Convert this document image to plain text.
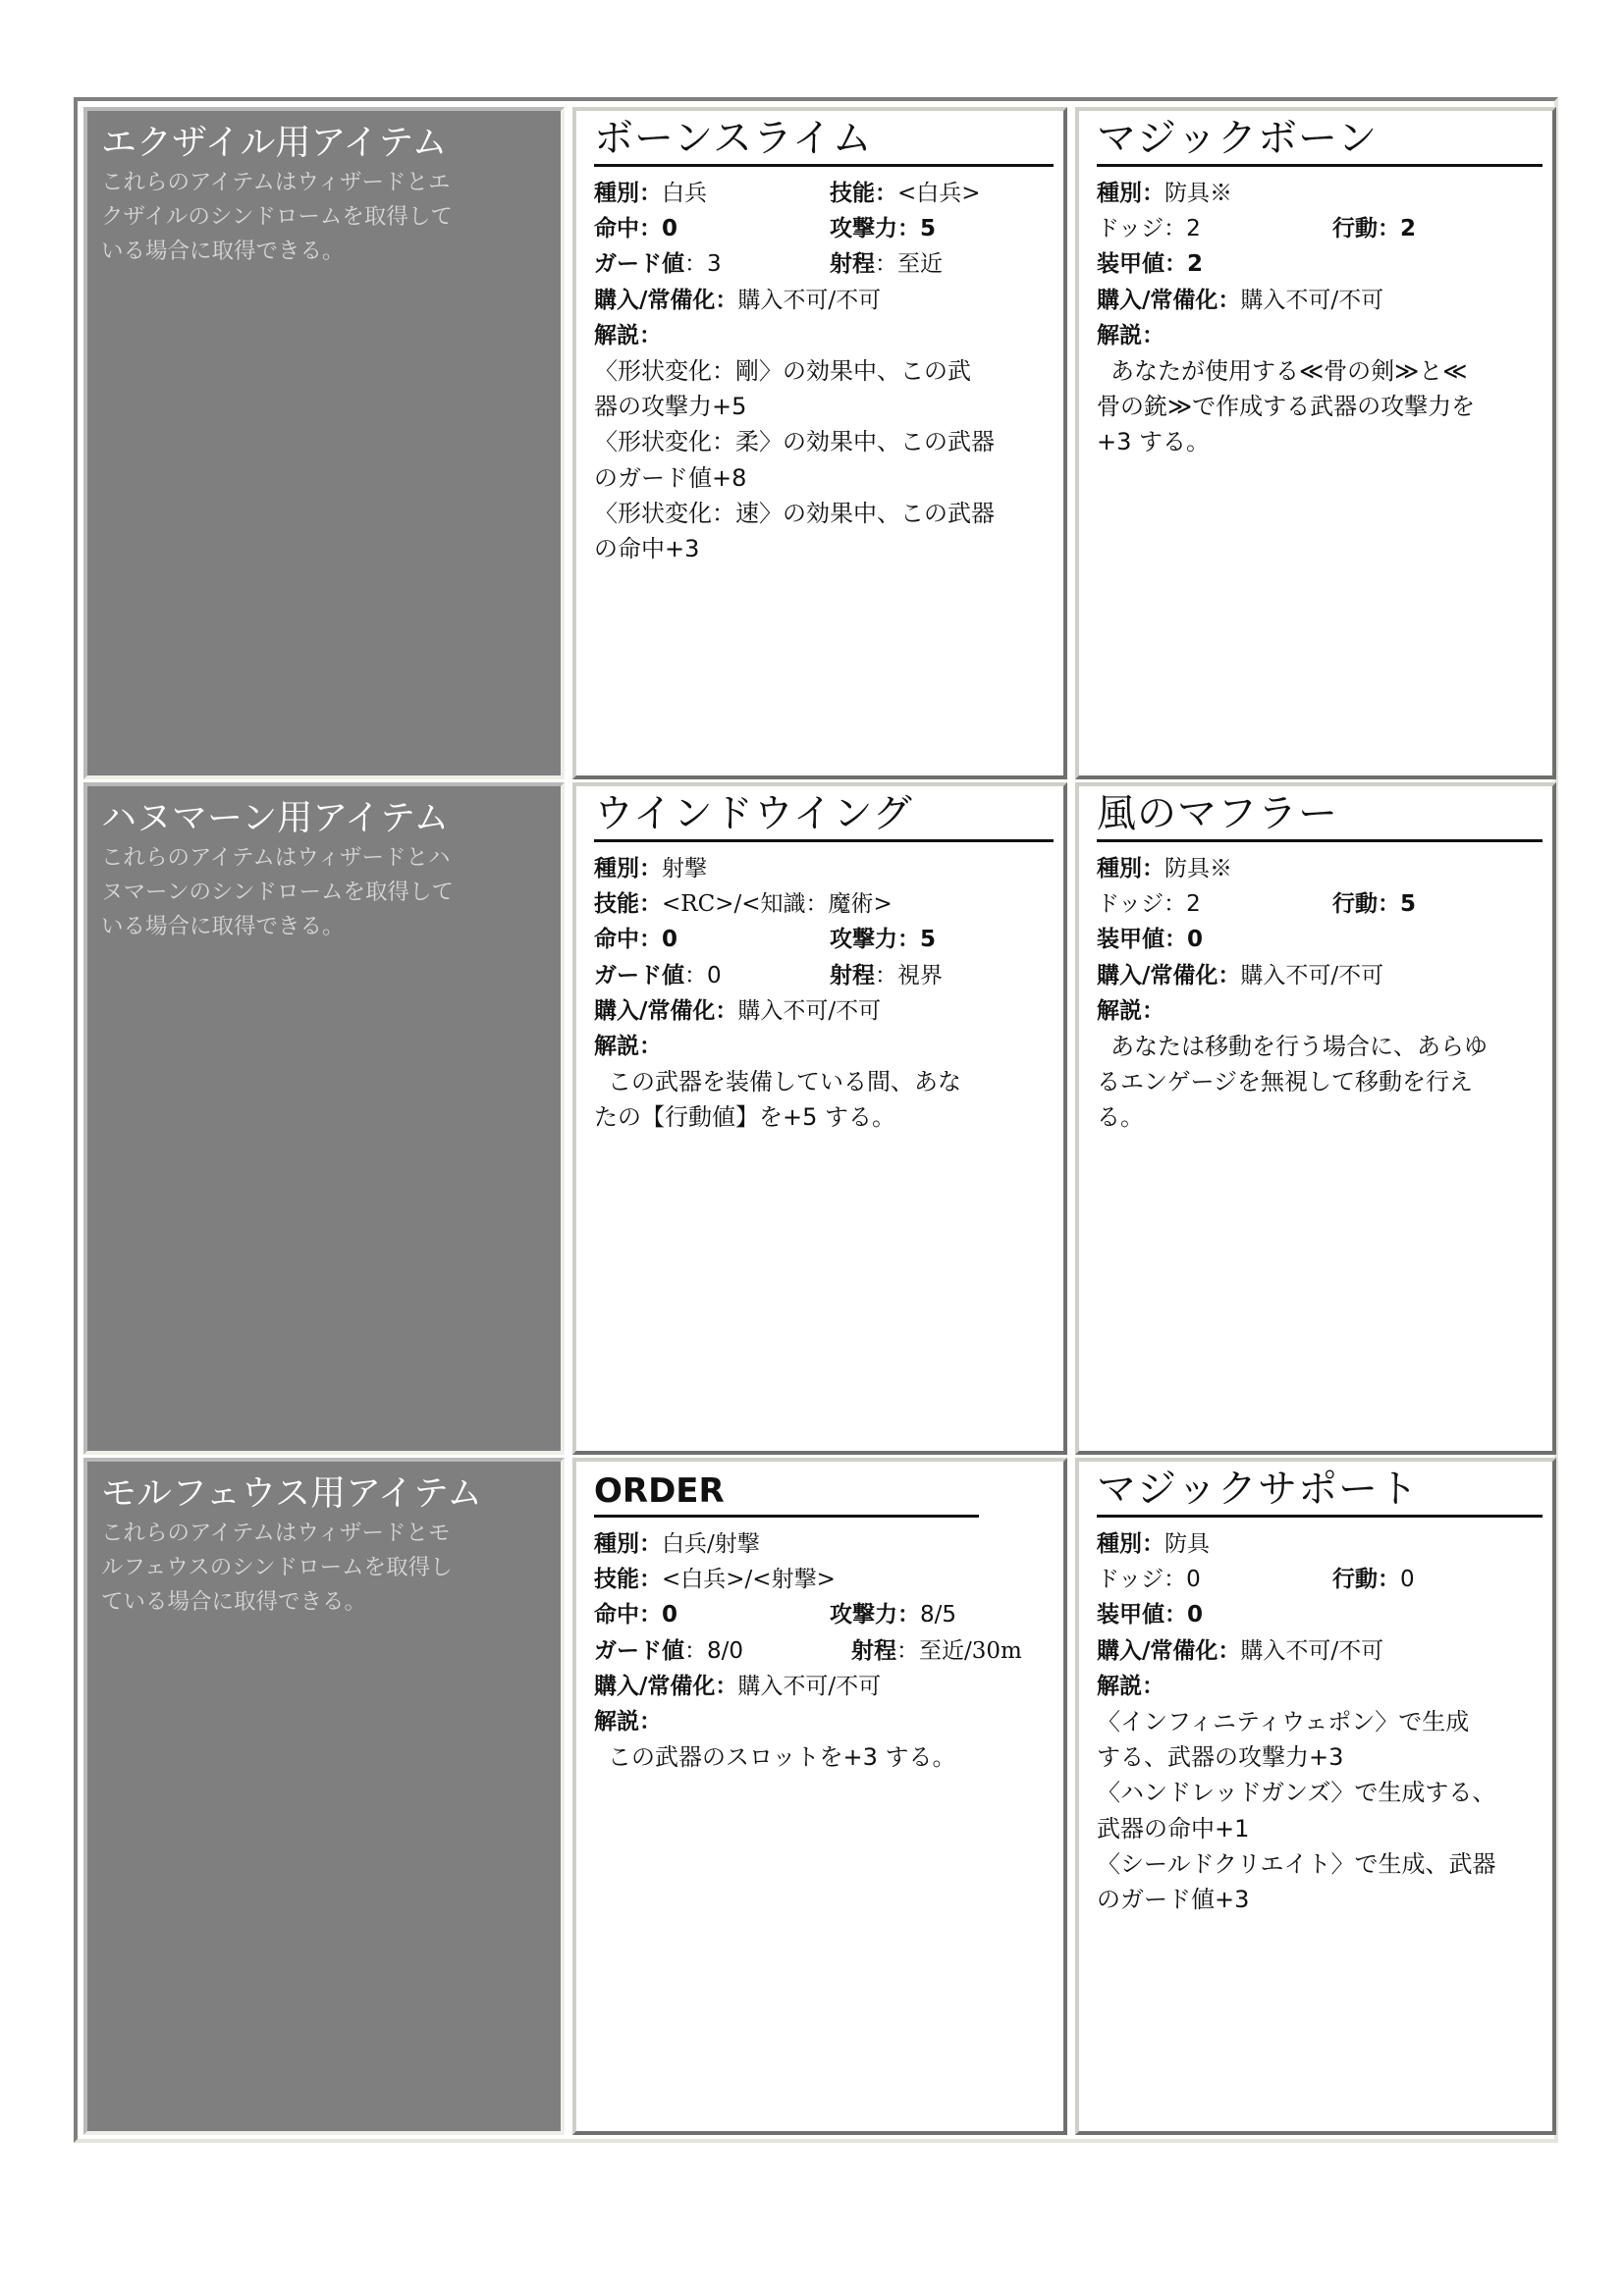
エクザイル用アイテム
これらのアイテムはウィザードとエ
クザイルのシンドロームを取得して
いる場合に取得できる。
ボーンスライム
種別：白兵	技能：<白兵>
命中：0	攻撃力：5
ガード値：3	射程：至近
購入/常備化：購入不可/不可
解説：
〈形状変化：剛〉の効果中、この武
器の攻撃力+5
〈形状変化：柔〉の効果中、この武器
のガード値+8
〈形状変化：速〉の効果中、この武器
の命中+3
マジックボーン
種別：防具※
ドッジ：2	行動：2
装甲値：2
購入/常備化：購入不可/不可
解説：
あなたが使用する≪骨の剣≫と≪
骨の銃≫で作成する武器の攻撃力を
+3 する。
ハヌマーン用アイテム
これらのアイテムはウィザードとハ
ヌマーンのシンドロームを取得して
いる場合に取得できる。
ウインドウイング
種別：射撃
技能：<RC>/<知識：魔術>
命中：0	攻撃力：5
ガード値：0	射程：視界
購入/常備化：購入不可/不可
解説：
この武器を装備している間、あな
たの【行動値】を+5 する。
風のマフラー
種別：防具※
ドッジ：2	行動：5
装甲値：0
購入/常備化：購入不可/不可
解説：
あなたは移動を行う場合に、あらゆ
るエンゲージを無視して移動を行え
る。
モルフェウス用アイテム
これらのアイテムはウィザードとモ
ルフェウスのシンドロームを取得し
ている場合に取得できる。
ORDER
種別：白兵/射撃
技能：<白兵>/<射撃>
命中：0	攻撃力：8/5
ガード値：8/0	射程：至近/30m
購入/常備化：購入不可/不可
解説：
この武器のスロットを+3 する。
マジックサポート
種別：防具
ドッジ：0	行動：0
装甲値：0
購入/常備化：購入不可/不可
解説：
〈インフィニティウェポン〉で生成
する、武器の攻撃力+3
〈ハンドレッドガンズ〉で生成する、
武器の命中+1
〈シールドクリエイト〉で生成、武器
のガード値+3
